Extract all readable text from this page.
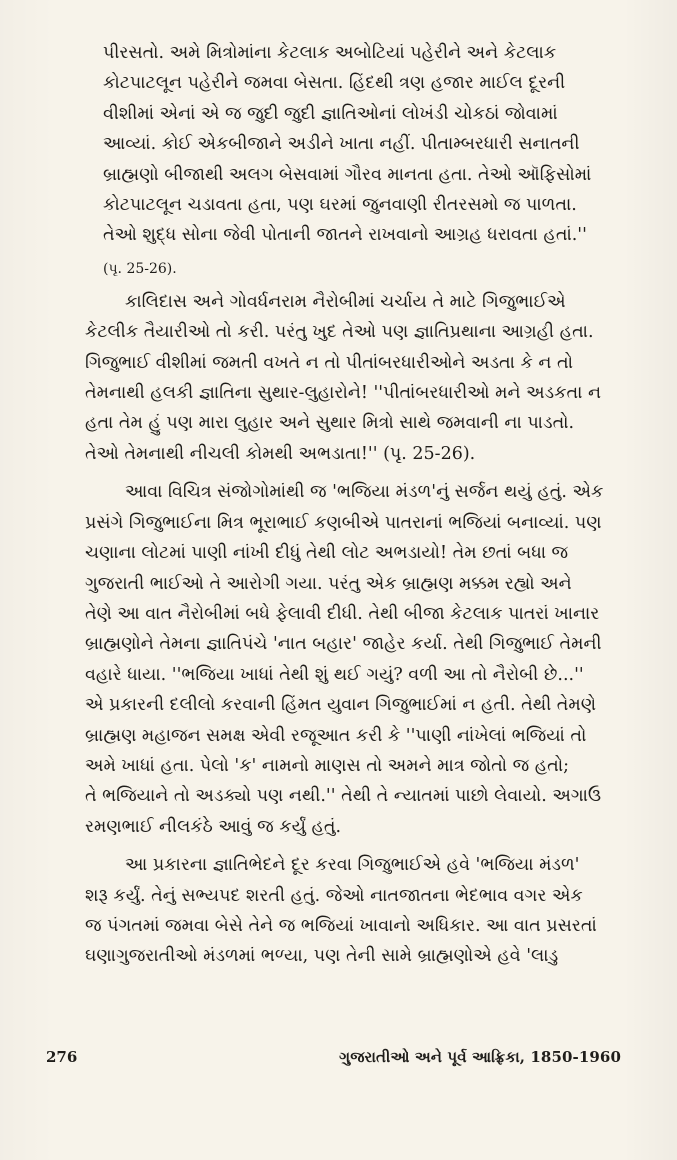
પીરસતો. અમે મિત્રોમાંના કેટલાક અબોટિયાં પહેરીને અને કેટલાક
કોટપાટલૂન પહેરીને જમવા બેસતા. હિંદથી ત્રણ હજાર માઈલ દૂરની
વીશીમાં એનાં એ જ જુદી જુદી જ્ઞાતિઓનાં લોખંડી ચોકઠાં જોવામાં
આવ્યાં. કોઈ એકબીજાને અડીને ખાતા નહીં. પીતામ્બરધારી સનાતની
બ્રાહ્મણો બીજાથી અલગ બેસવામાં ગૌરવ માનતા હતા. તેઓ ઑફિસોમાં
કોટપાટલૂન ચડાવતા હતા, પણ ઘરમાં જુનવાણી રીતરસમો જ પાળતા.
તેઓ શુદ્ધ સોના જેવી પોતાની જાતને રાખવાનો આગ્રહ ધરાવતા હતાં.''
(પૃ. 25-26).
કાલિદાસ અને ગોવર્ધનરામ નૈરોબીમાં ચર્ચાય તે માટે ગિજુભાઈએ
કેટલીક તૈયારીઓ તો કરી. પરંતુ ખુદ તેઓ પણ જ્ઞાતિપ્રથાના આગ્રહી હતા.
ગિજુભાઈ વીશીમાં જમતી વખતે ન તો પીતાંબરધારીઓને અડતા કે ન તો
તેમનાથી હલકી જ્ઞાતિના સુથાર-લુહારોને! ''પીતાંબરધારીઓ મને અડકતા ન
હતા તેમ હું પણ મારા લુહાર અને સુથાર મિત્રો સાથે જમવાની ના પાડતો.
તેઓ તેમનાથી નીચલી કોમથી અભડાતા!'' (પૃ. 25-26).
આવા વિચિત્ર સંજોગોમાંથી જ 'ભજિયા મંડળ'નું સર્જન થયું હતું. એક
પ્રસંગે ગિજુભાઈના મિત્ર ભૂરાભાઈ કણબીએ પાતરાનાં ભજિયાં બનાવ્યાં. પણ
ચણાના લોટમાં પાણી નાંખી દીધું તેથી લોટ અભડાયો! તેમ છતાં બધા જ
ગુજરાતી ભાઈઓ તે આરોગી ગયા. પરંતુ એક બ્રાહ્મણ મક્કમ રહ્યો અને
તેણે આ વાત નૈરોબીમાં બધે ફેલાવી દીધી. તેથી બીજા કેટલાક પાતરાં ખાનાર
બ્રાહ્મણોને તેમના જ્ઞાતિપંચે 'નાત બહાર' જાહેર કર્યા. તેથી ગિજુભાઈ તેમની
વહારે ધાયા. ''ભજિયા ખાધાં તેથી શું થઈ ગયું? વળી આ તો નૈરોબી છે...''
એ પ્રકારની દલીલો કરવાની હિંમત યુવાન ગિજુભાઈમાં ન હતી. તેથી તેમણે
બ્રાહ્મણ મહાજન સમક્ષ એવી રજૂઆત કરી કે ''પાણી નાંખેલાં ભજિયાં તો
અમે ખાધાં હતા. પેલો 'ક' નામનો માણસ તો અમને માત્ર જોતો જ હતો;
તે ભજિયાને તો અડક્યો પણ નથી.'' તેથી તે ન્યાતમાં પાછો લેવાયો. અગાઉ
રમણભાઈ નીલકંઠે આવું જ કર્યું હતું.
આ પ્રકારના જ્ઞાતિભેદને દૂર કરવા ગિજુભાઈએ હવે 'ભજિયા મંડળ'
શરૂ કર્યું. તેનું સભ્યપદ શરતી હતું. જેઓ નાતજાતના ભેદભાવ વગર એક
જ પંગતમાં જમવા બેસે તેને જ ભજિયાં ખાવાનો અધિકાર. આ વાત પ્રસરતાં
ઘણાગુજરાતીઓ મંડળમાં ભળ્યા, પણ તેની સામે બ્રાહ્મણોએ હવે 'લાડુ
276	ગુજરાતીઓ અને પૂર્વ આફ્રિકા, 1850-1960
